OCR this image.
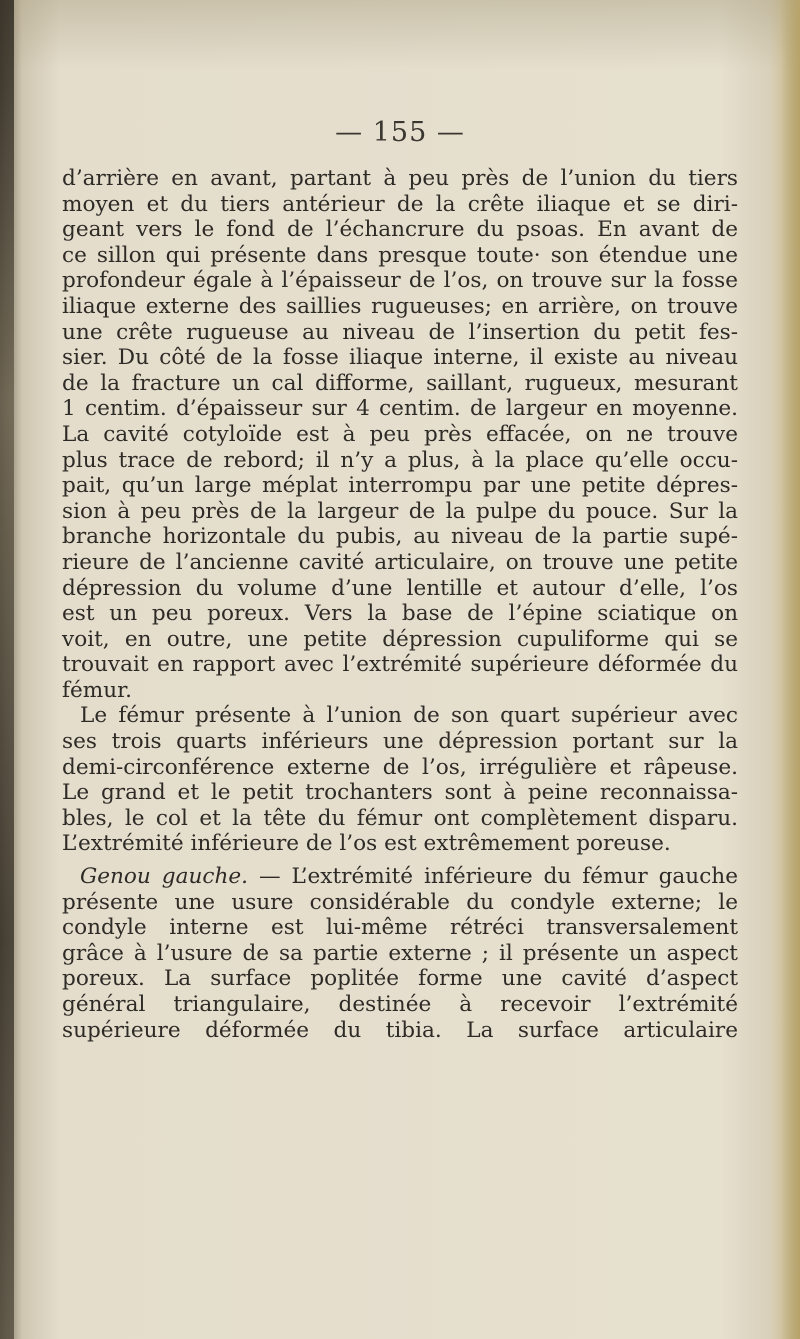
— 155 —
d’arrière en avant, partant à peu près de l’union du tiers
moyen et du tiers antérieur de la crête iliaque et se diri-
geant vers le fond de l’échancrure du psoas. En avant de
ce sillon qui présente dans presque toute· son étendue une
profondeur égale à l’épaisseur de l’os, on trouve sur la fosse
iliaque externe des saillies rugueuses; en arrière, on trouve
une crête rugueuse au niveau de l’insertion du petit fes-
sier. Du côté de la fosse iliaque interne, il existe au niveau
de la fracture un cal difforme, saillant, rugueux, mesurant
1 centim. d’épaisseur sur 4 centim. de largeur en moyenne.
La cavité cotyloïde est à peu près effacée, on ne trouve
plus trace de rebord; il n’y a plus, à la place qu’elle occu-
pait, qu’un large méplat interrompu par une petite dépres-
sion à peu près de la largeur de la pulpe du pouce. Sur la
branche horizontale du pubis, au niveau de la partie supé-
rieure de l’ancienne cavité articulaire, on trouve une petite
dépression du volume d’une lentille et autour d’elle, l’os
est un peu poreux. Vers la base de l’épine sciatique on
voit, en outre, une petite dépression cupuliforme qui se
trouvait en rapport avec l’extrémité supérieure déformée du
fémur.
Le fémur présente à l’union de son quart supérieur avec
ses trois quarts inférieurs une dépression portant sur la
demi-circonférence externe de l’os, irrégulière et râpeuse.
Le grand et le petit trochanters sont à peine reconnaissa-
bles, le col et la tête du fémur ont complètement disparu.
L’extrémité inférieure de l’os est extrêmement poreuse.
Genou gauche. — L’extrémité inférieure du fémur gauche
présente une usure considérable du condyle externe; le
condyle interne est lui-même rétréci transversalement
grâce à l’usure de sa partie externe ; il présente un aspect
poreux. La surface poplitée forme une cavité d’aspect
général triangulaire, destinée à recevoir l’extrémité
supérieure déformée du tibia. La surface articulaire
